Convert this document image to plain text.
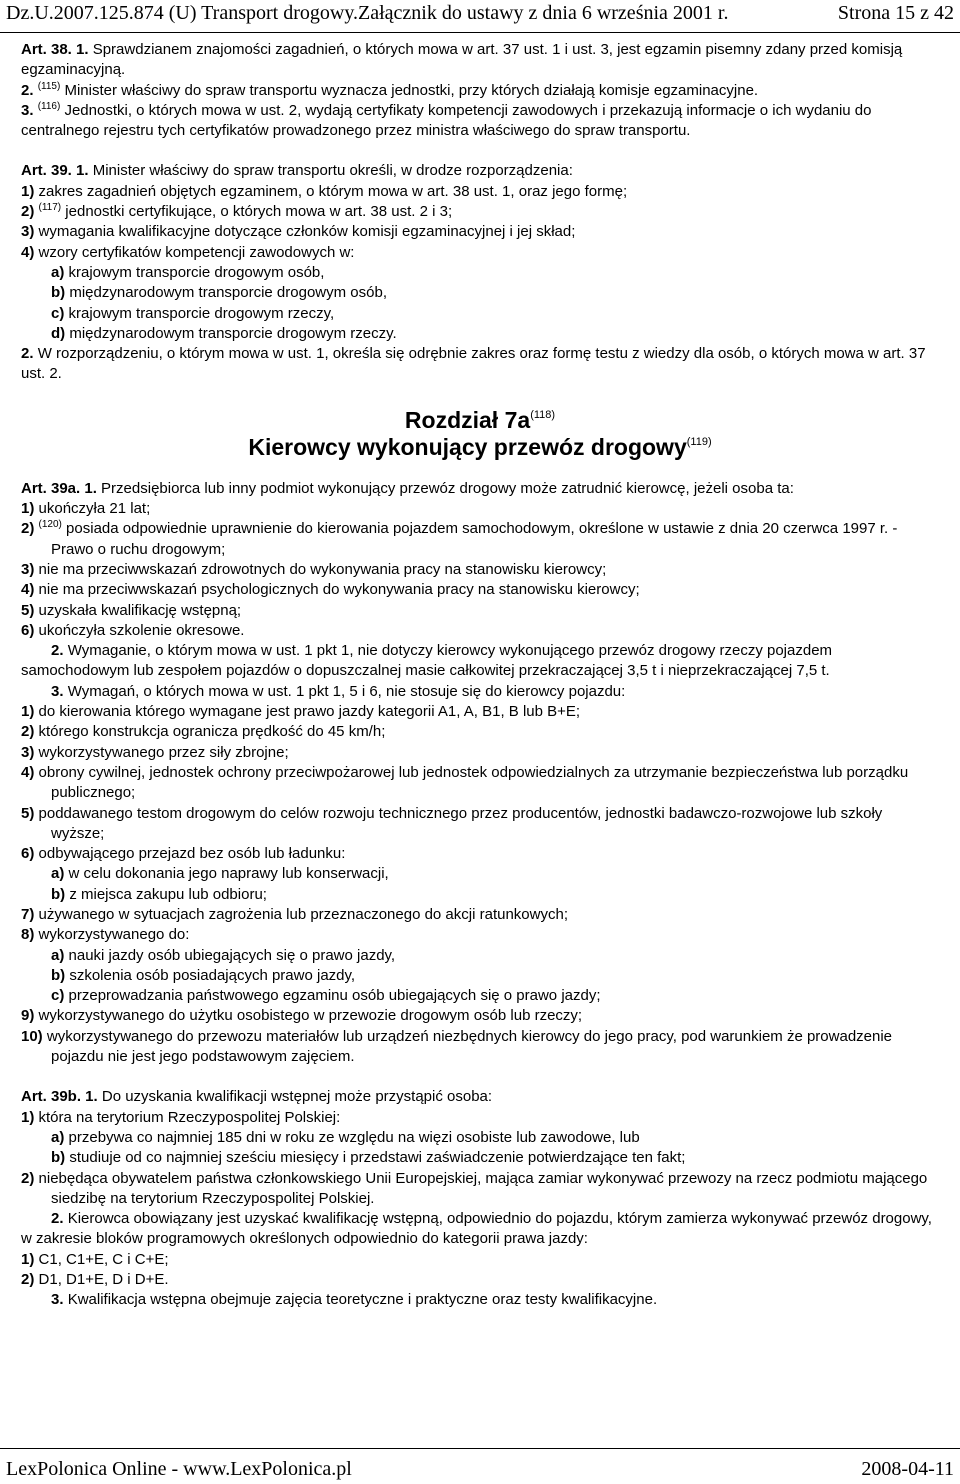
Dz.U.2007.125.874 (U) Transport drogowy.Załącznik do ustawy z dnia 6 września 2001 r.	Strona 15 z 42

Art. 38. 1. Sprawdzianem znajomości zagadnień, o których mowa w art. 37 ust. 1 i ust. 3, jest egzamin pisemny zdany przed komisją egzaminacyjną.

2. $^{(115)}$ Minister właściwy do spraw transportu wyznacza jednostki, przy których działają komisje egzaminacyjne.

3. $^{(116)}$ Jednostki, o których mowa w ust. 2, wydają certyfikaty kompetencji zawodowych i przekazują informacje o ich wydaniu do centralnego rejestru tych certyfikatów prowadzonego przez ministra właściwego do spraw transportu.

Art. 39. 1. Minister właściwy do spraw transportu określi, w drodze rozporządzenia:

1) zakres zagadnień objętych egzaminem, o którym mowa w art. 38 ust. 1, oraz jego formę;

2) $^{(117)}$ jednostki certyfikujące, o których mowa w art. 38 ust. 2 i 3;

3) wymagania kwalifikacyjne dotyczące członków komisji egzaminacyjnej i jej skład;

4) wzory certyfikatów kompetencji zawodowych w:

a) krajowym transporcie drogowym osób,

b) międzynarodowym transporcie drogowym osób,

c) krajowym transporcie drogowym rzeczy,

d) międzynarodowym transporcie drogowym rzeczy.

2. W rozporządzeniu, o którym mowa w ust. 1, określa się odrębnie zakres oraz formę testu z wiedzy dla osób, o których mowa w art. 37 ust. 2.

Rozdział $7a^{(118)}$

Kierowcy wykonujący przewóz drogowy$^{(119)}$

Art. 39a. 1. Przedsiębiorca lub inny podmiot wykonujący przewóz drogowy może zatrudnić kierowcę, jeżeli osoba ta:

1) ukończyła 21 lat;

2) $^{(120)}$ posiada odpowiednie uprawnienie do kierowania pojazdem samochodowym, określone w ustawie z dnia 20 czerwca 1997 r. - Prawo o ruchu drogowym;

3) nie ma przeciwwskazań zdrowotnych do wykonywania pracy na stanowisku kierowcy;

4) nie ma przeciwwskazań psychologicznych do wykonywania pracy na stanowisku kierowcy;

5) uzyskała kwalifikację wstępną;

6) ukończyła szkolenie okresowe.

2. Wymaganie, o którym mowa w ust. 1 pkt 1, nie dotyczy kierowcy wykonującego przewóz drogowy rzeczy pojazdem samochodowym lub zespołem pojazdów o dopuszczalnej masie całkowitej przekraczającej 3,5 t i nieprzekraczającej 7,5 t.

3. Wymagań, o których mowa w ust. 1 pkt 1, 5 i 6, nie stosuje się do kierowcy pojazdu:

1) do kierowania którego wymagane jest prawo jazdy kategorii A1, A, B1, B lub B+E;

2) którego konstrukcja ogranicza prędkość do 45 km/h;

3) wykorzystywanego przez siły zbrojne;

4) obrony cywilnej, jednostek ochrony przeciwpożarowej lub jednostek odpowiedzialnych za utrzymanie bezpieczeństwa lub porządku publicznego;

5) poddawanego testom drogowym do celów rozwoju technicznego przez producentów, jednostki badawczo-rozwojowe lub szkoły wyższe;

6) odbywającego przejazd bez osób lub ładunku:

a) w celu dokonania jego naprawy lub konserwacji,

b) z miejsca zakupu lub odbioru;

7) używanego w sytuacjach zagrożenia lub przeznaczonego do akcji ratunkowych;

8) wykorzystywanego do:

a) nauki jazdy osób ubiegających się o prawo jazdy,

b) szkolenia osób posiadających prawo jazdy,

c) przeprowadzania państwowego egzaminu osób ubiegających się o prawo jazdy;

9) wykorzystywanego do użytku osobistego w przewozie drogowym osób lub rzeczy;

10) wykorzystywanego do przewozu materiałów lub urządzeń niezbędnych kierowcy do jego pracy, pod warunkiem że prowadzenie pojazdu nie jest jego podstawowym zajęciem.

Art. 39b. 1. Do uzyskania kwalifikacji wstępnej może przystąpić osoba:

1) która na terytorium Rzeczypospolitej Polskiej:

a) przebywa co najmniej 185 dni w roku ze względu na więzi osobiste lub zawodowe, lub

b) studiuje od co najmniej sześciu miesięcy i przedstawi zaświadczenie potwierdzające ten fakt;

2) niebędąca obywatelem państwa członkowskiego Unii Europejskiej, mająca zamiar wykonywać przewozy na rzecz podmiotu mającego siedzibę na terytorium Rzeczypospolitej Polskiej.

2. Kierowca obowiązany jest uzyskać kwalifikację wstępną, odpowiednio do pojazdu, którym zamierza wykonywać przewóz drogowy, w zakresie bloków programowych określonych odpowiednio do kategorii prawa jazdy:

1) C1, C1+E, C i C+E;

2) D1, D1+E, D i D+E.

3. Kwalifikacja wstępna obejmuje zajęcia teoretyczne i praktyczne oraz testy kwalifikacyjne.

LexPolonica Online - www.LexPolonica.pl	2008-04-11
